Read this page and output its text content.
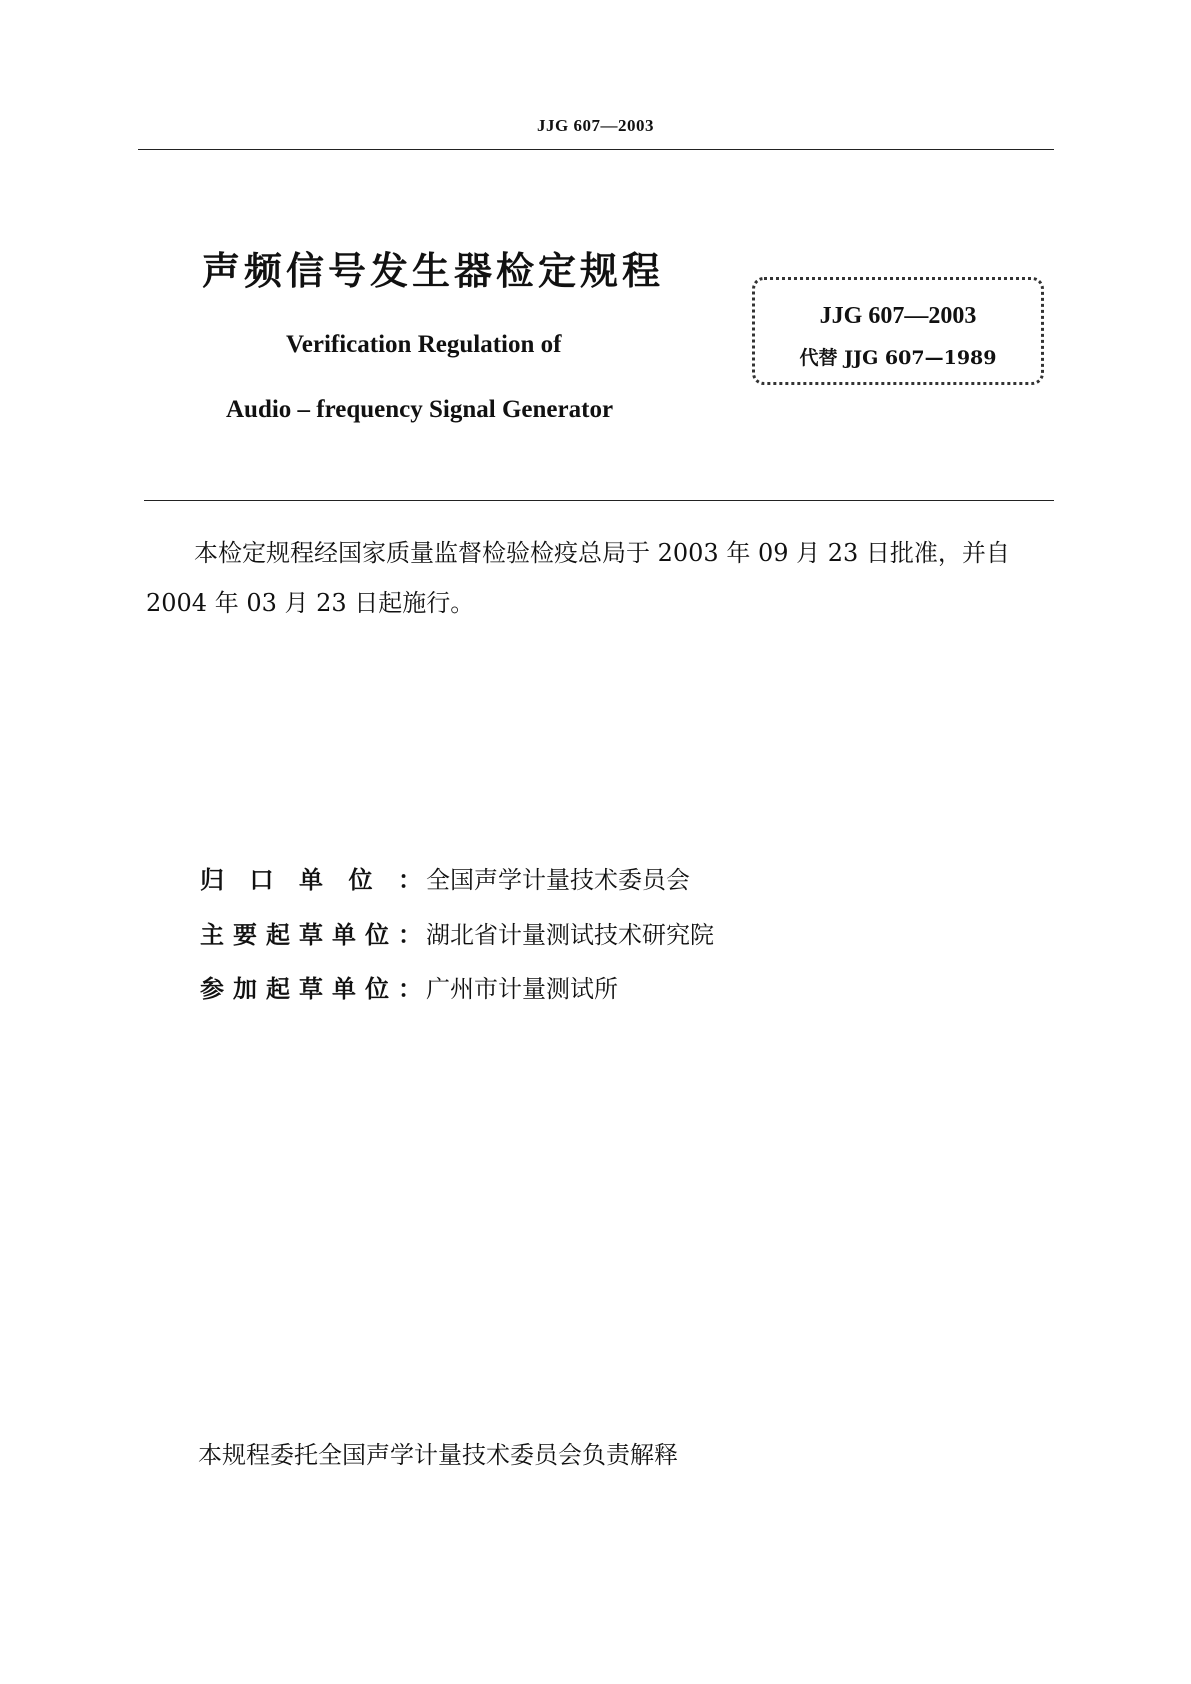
JJG 607—2003
声频信号发生器检定规程
Verification Regulation of
Audio – frequency Signal Generator
JJG 607—2003
代替 JJG 607—1989
本检定规程经国家质量监督检验检疫总局于 2003 年 09 月 23 日批准，并自 2004 年 03 月 23 日起施行。
归口单位： 全国声学计量技术委员会
主要起草单位： 湖北省计量测试技术研究院
参加起草单位： 广州市计量测试所
本规程委托全国声学计量技术委员会负责解释
